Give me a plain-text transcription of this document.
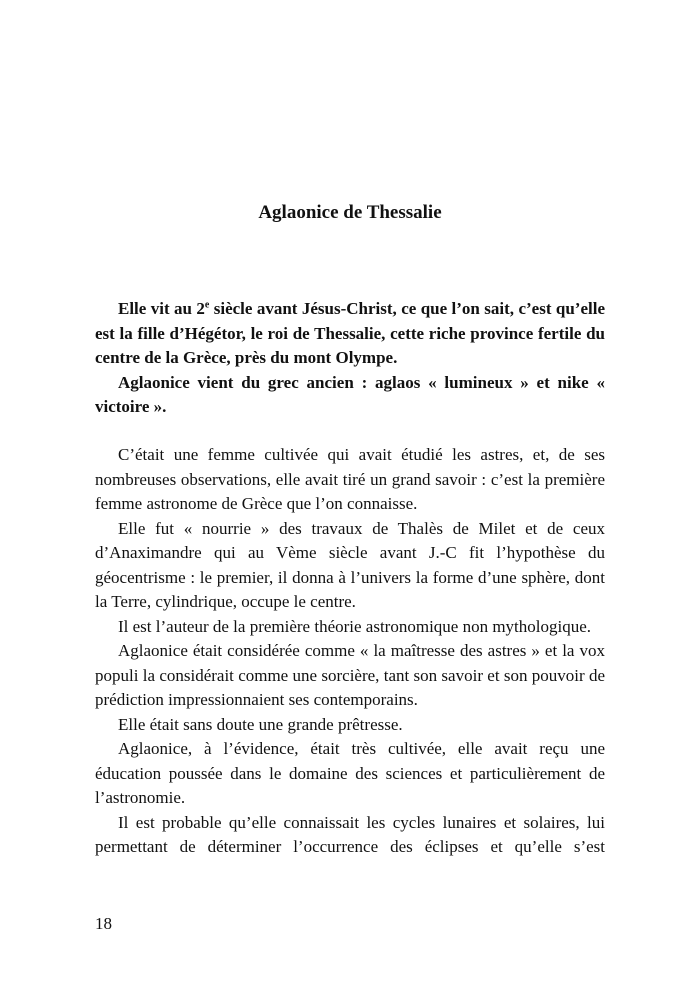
Aglaonice de Thessalie

Elle vit au 2e siècle avant Jésus-Christ, ce que l’on sait, c’est qu’elle est la fille d’Hégétor, le roi de Thessalie, cette riche province fertile du centre de la Grèce, près du mont Olympe.

Aglaonice vient du grec ancien : aglaos « lumineux » et nike « victoire ».

C’était une femme cultivée qui avait étudié les astres, et, de ses nombreuses observations, elle avait tiré un grand savoir : c’est la première femme astronome de Grèce que l’on connaisse.

Elle fut « nourrie » des travaux de Thalès de Milet et de ceux d’Anaximandre qui au Vème siècle avant J.-C fit l’hypothèse du géocentrisme : le premier, il donna à l’univers la forme d’une sphère, dont la Terre, cylindrique, occupe le centre.

Il est l’auteur de la première théorie astronomique non mythologique.

Aglaonice était considérée comme « la maîtresse des astres » et la vox populi la considérait comme une sorcière, tant son savoir et son pouvoir de prédiction impressionnaient ses contemporains.

Elle était sans doute une grande prêtresse.

Aglaonice, à l’évidence, était très cultivée, elle avait reçu une éducation poussée dans le domaine des sciences et particulièrement de l’astronomie.

Il est probable qu’elle connaissait les cycles lunaires et solaires, lui permettant de déterminer l’occurrence des éclipses et qu’elle s’est

18
